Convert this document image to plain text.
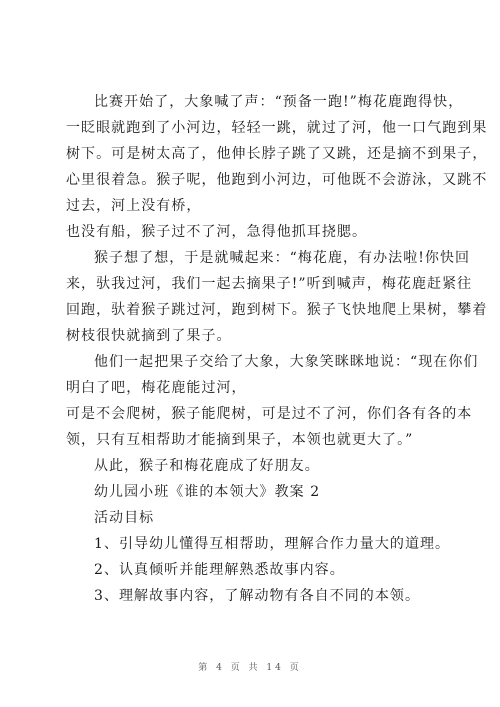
比赛开始了，大象喊了声：“预备一跑!”梅花鹿跑得快，
一眨眼就跑到了小河边，轻轻一跳，就过了河，他一口气跑到果
树下。可是树太高了，他伸长脖子跳了又跳，还是摘不到果子，
心里很着急。猴子呢，他跑到小河边，可他既不会游泳，又跳不
过去，河上没有桥，
也没有船，猴子过不了河，急得他抓耳挠腮。
猴子想了想，于是就喊起来：“梅花鹿，有办法啦!你快回
来，驮我过河，我们一起去摘果子!”听到喊声，梅花鹿赶紧往
回跑，驮着猴子跳过河，跑到树下。猴子飞快地爬上果树，攀着
树枝很快就摘到了果子。
他们一起把果子交给了大象，大象笑眯眯地说：“现在你们
明白了吧，梅花鹿能过河，
可是不会爬树，猴子能爬树，可是过不了河，你们各有各的本
领，只有互相帮助才能摘到果子，本领也就更大了。”
从此，猴子和梅花鹿成了好朋友。
幼儿园小班《谁的本领大》教案 2
活动目标
1、引导幼儿懂得互相帮助，理解合作力量大的道理。
2、认真倾听并能理解熟悉故事内容。
3、理解故事内容，了解动物有各自不同的本领。
第 4 页 共 14 页
